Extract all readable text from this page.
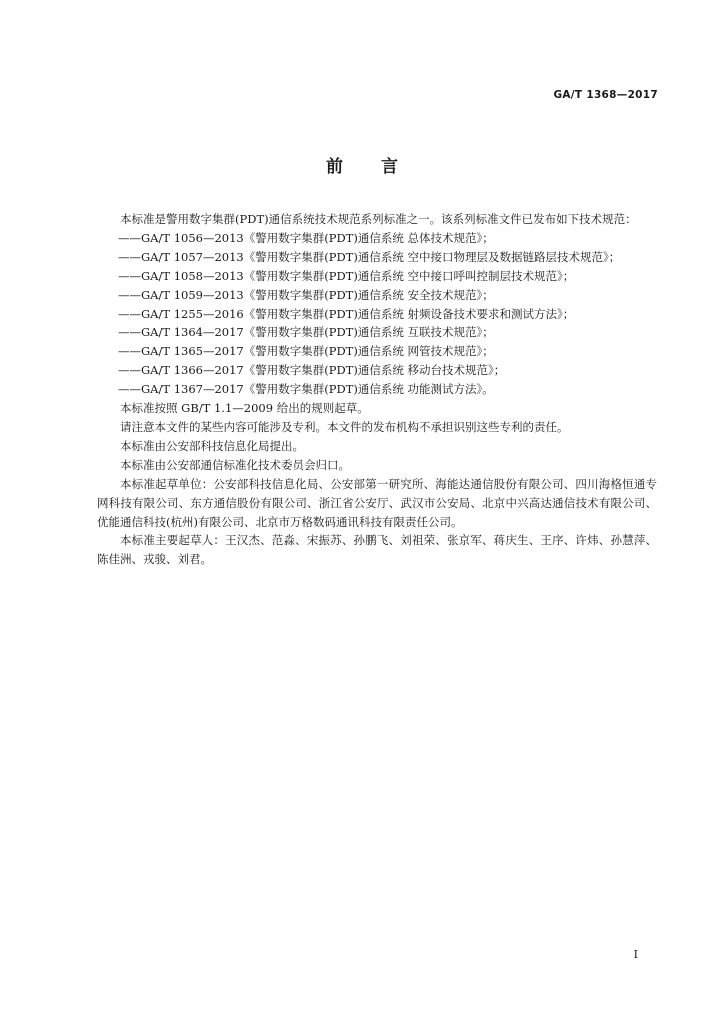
GA/T 1368—2017
前言

本标准是警用数字集群(PDT)通信系统技术规范系列标准之一。该系列标准文件已发布如下技术规范：

——GA/T 1056—2013《警用数字集群(PDT)通信系统 总体技术规范》；
——GA/T 1057—2013《警用数字集群(PDT)通信系统 空中接口物理层及数据链路层技术规范》；
——GA/T 1058—2013《警用数字集群(PDT)通信系统 空中接口呼叫控制层技术规范》；
——GA/T 1059—2013《警用数字集群(PDT)通信系统 安全技术规范》；
——GA/T 1255—2016《警用数字集群(PDT)通信系统 射频设备技术要求和测试方法》；
——GA/T 1364—2017《警用数字集群(PDT)通信系统 互联技术规范》；
——GA/T 1365—2017《警用数字集群(PDT)通信系统 网管技术规范》；
——GA/T 1366—2017《警用数字集群(PDT)通信系统 移动台技术规范》；
——GA/T 1367—2017《警用数字集群(PDT)通信系统 功能测试方法》。

本标准按照 GB/T 1.1—2009 给出的规则起草。

请注意本文件的某些内容可能涉及专利。本文件的发布机构不承担识别这些专利的责任。

本标准由公安部科技信息化局提出。

本标准由公安部通信标准化技术委员会归口。

本标准起草单位：公安部科技信息化局、公安部第一研究所、海能达通信股份有限公司、四川海格恒通专网科技有限公司、东方通信股份有限公司、浙江省公安厅、武汉市公安局、北京中兴高达通信技术有限公司、优能通信科技(杭州)有限公司、北京市万格数码通讯科技有限责任公司。

本标准主要起草人：王汉杰、范淼、宋振苏、孙鹏飞、刘祖荣、张京军、蒋庆生、王序、许炜、孙慧萍、陈佳洲、戎骏、刘君。

I
